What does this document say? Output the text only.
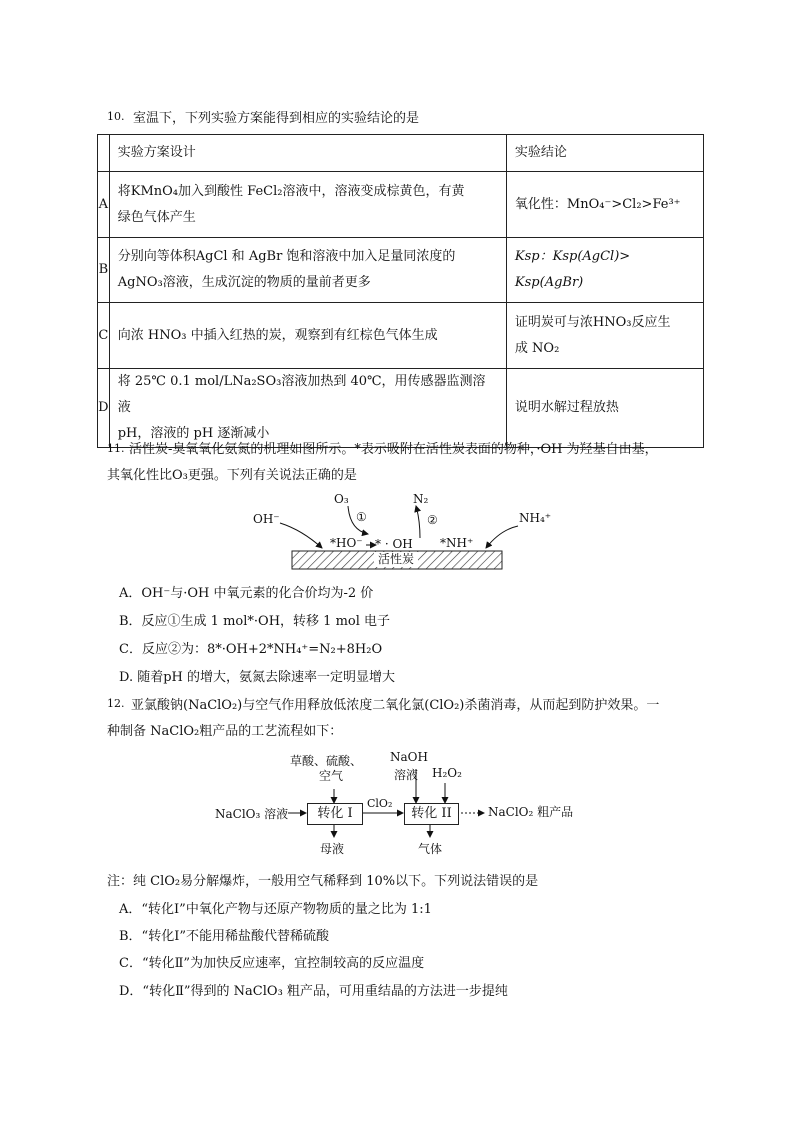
10. 室温下，下列实验方案能得到相应的实验结论的是
	实验方案设计	实验结论
A	将KMnO₄加入到酸性 FeCl₂溶液中，溶液变成棕黄色，有黄
绿色气体产生	氧化性：MnO₄⁻>Cl₂>Fe³⁺

B	分别向等体积AgCl 和 AgBr 饱和溶液中加入足量同浓度的
AgNO₃溶液，生成沉淀的物质的量前者更多	Ksp：Ksp(AgCl)> Ksp(AgBr)

C	向浓 HNO₃ 中插入红热的炭，观察到有红棕色气体生成	证明炭可与浓HNO₃反应生
成 NO₂

D	将 25℃ 0.1 mol/LNa₂SO₃溶液加热到 40℃，用传感器监测溶液
pH，溶液的 pH 逐渐减小	说明水解过程放热
11. 活性炭-臭氧氧化氨氮的机理如图所示。*表示吸附在活性炭表面的物种，·OH 为羟基自由基，
其氧化性比O₃更强。下列有关说法正确的是
OH⁻
O₃
①
N₂
②	NH₄⁺
*HO⁻ * · OH *NH⁺
活性炭
A．OH⁻与·OH 中氧元素的化合价均为-2 价
B．反应①生成 1 mol*·OH，转移 1 mol 电子
C．反应②为：8*·OH+2*NH₄⁺=N₂+8H₂O
D. 随着pH 的增大，氨氮去除速率一定明显增大
12. 亚氯酸钠(NaClO₂)与空气作用释放低浓度二氧化氯(ClO₂)杀菌消毒，从而起到防护效果。一
种制备 NaClO₂粗产品的工艺流程如下：
草酸、硫酸、
空气
NaOH
溶液 H₂O₂
NaClO₃ 溶液	转化 I
ClO₂
转化 II	NaClO₂ 粗产品
母液	气体
注：纯 ClO₂易分解爆炸，一般用空气稀释到 10%以下。下列说法错误的是
A．“转化Ⅰ”中氧化产物与还原产物物质的量之比为 1:1
B．“转化Ⅰ”不能用稀盐酸代替稀硫酸
C．“转化Ⅱ”为加快反应速率，宜控制较高的反应温度
D．“转化Ⅱ”得到的 NaClO₃ 粗产品，可用重结晶的方法进一步提纯
